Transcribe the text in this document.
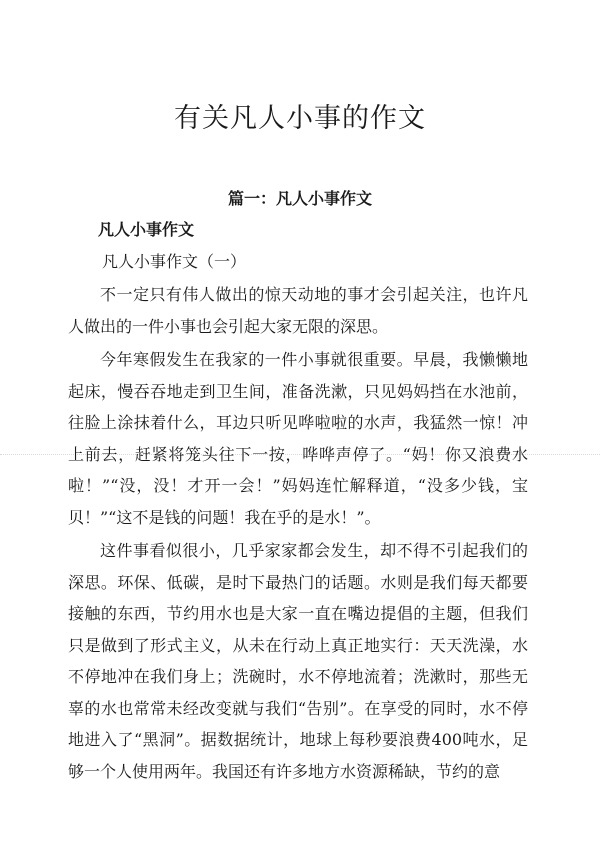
有关凡人小事的作文
篇一：凡人小事作文
凡人小事作文
凡人小事作文（一）

不一定只有伟人做出的惊天动地的事才会引起关注，也许凡人做出的一件小事也会引起大家无限的深思。

今年寒假发生在我家的一件小事就很重要。早晨，我懒懒地起床，慢吞吞地走到卫生间，准备洗漱，只见妈妈挡在水池前，往脸上涂抹着什么，耳边只听见哗啦啦的水声，我猛然一惊！冲上前去，赶紧将笼头往下一按，哗哗声停了。“妈！你又浪费水啦！”“没，没！才开一会！”妈妈连忙解释道，“没多少钱，宝贝！”“这不是钱的问题！我在乎的是水！”。

这件事看似很小，几乎家家都会发生，却不得不引起我们的深思。环保、低碳，是时下最热门的话题。水则是我们每天都要接触的东西，节约用水也是大家一直在嘴边提倡的主题，但我们只是做到了形式主义，从未在行动上真正地实行：天天洗澡，水不停地冲在我们身上；洗碗时，水不停地流着；洗漱时，那些无辜的水也常常未经改变就与我们“告别”。在享受的同时，水不停地进入了“黑洞”。据数据统计，地球上每秒要浪费400吨水，足够一个人使用两年。我国还有许多地方水资源稀缺，节约的意
